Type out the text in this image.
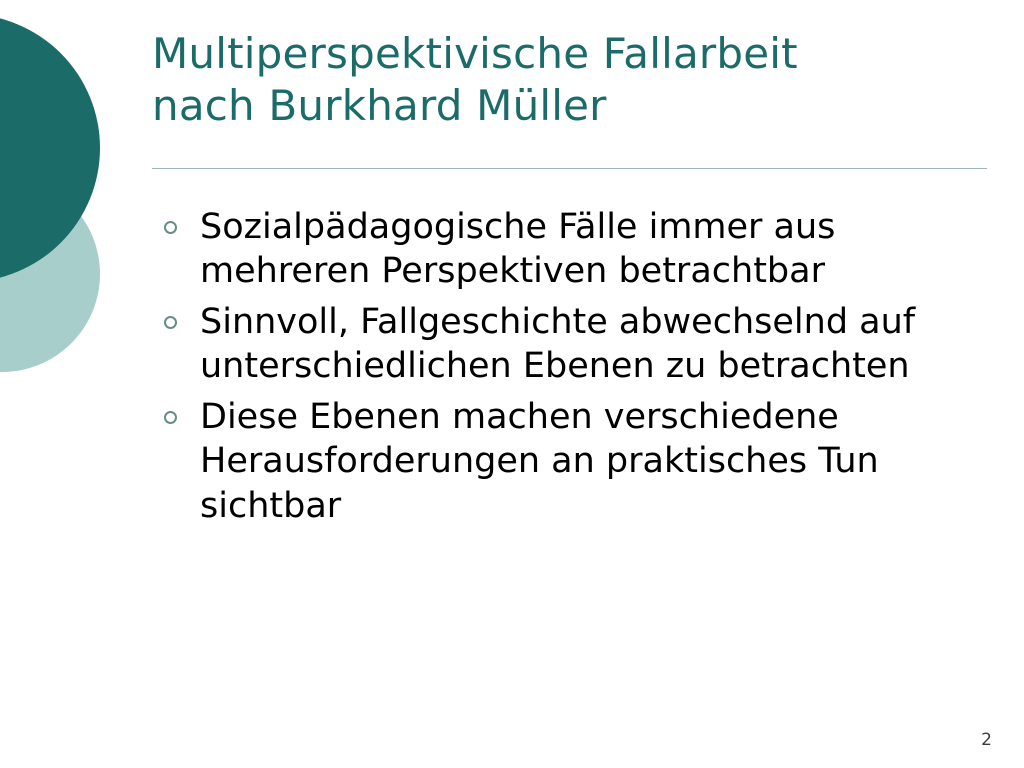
Multiperspektivische Fallarbeit
nach Burkhard Müller
Sozialpädagogische Fälle immer aus mehreren Perspektiven betrachtbar
Sinnvoll, Fallgeschichte abwechselnd auf unterschiedlichen Ebenen zu betrachten
Diese Ebenen machen verschiedene Herausforderungen an praktisches Tun sichtbar
2
